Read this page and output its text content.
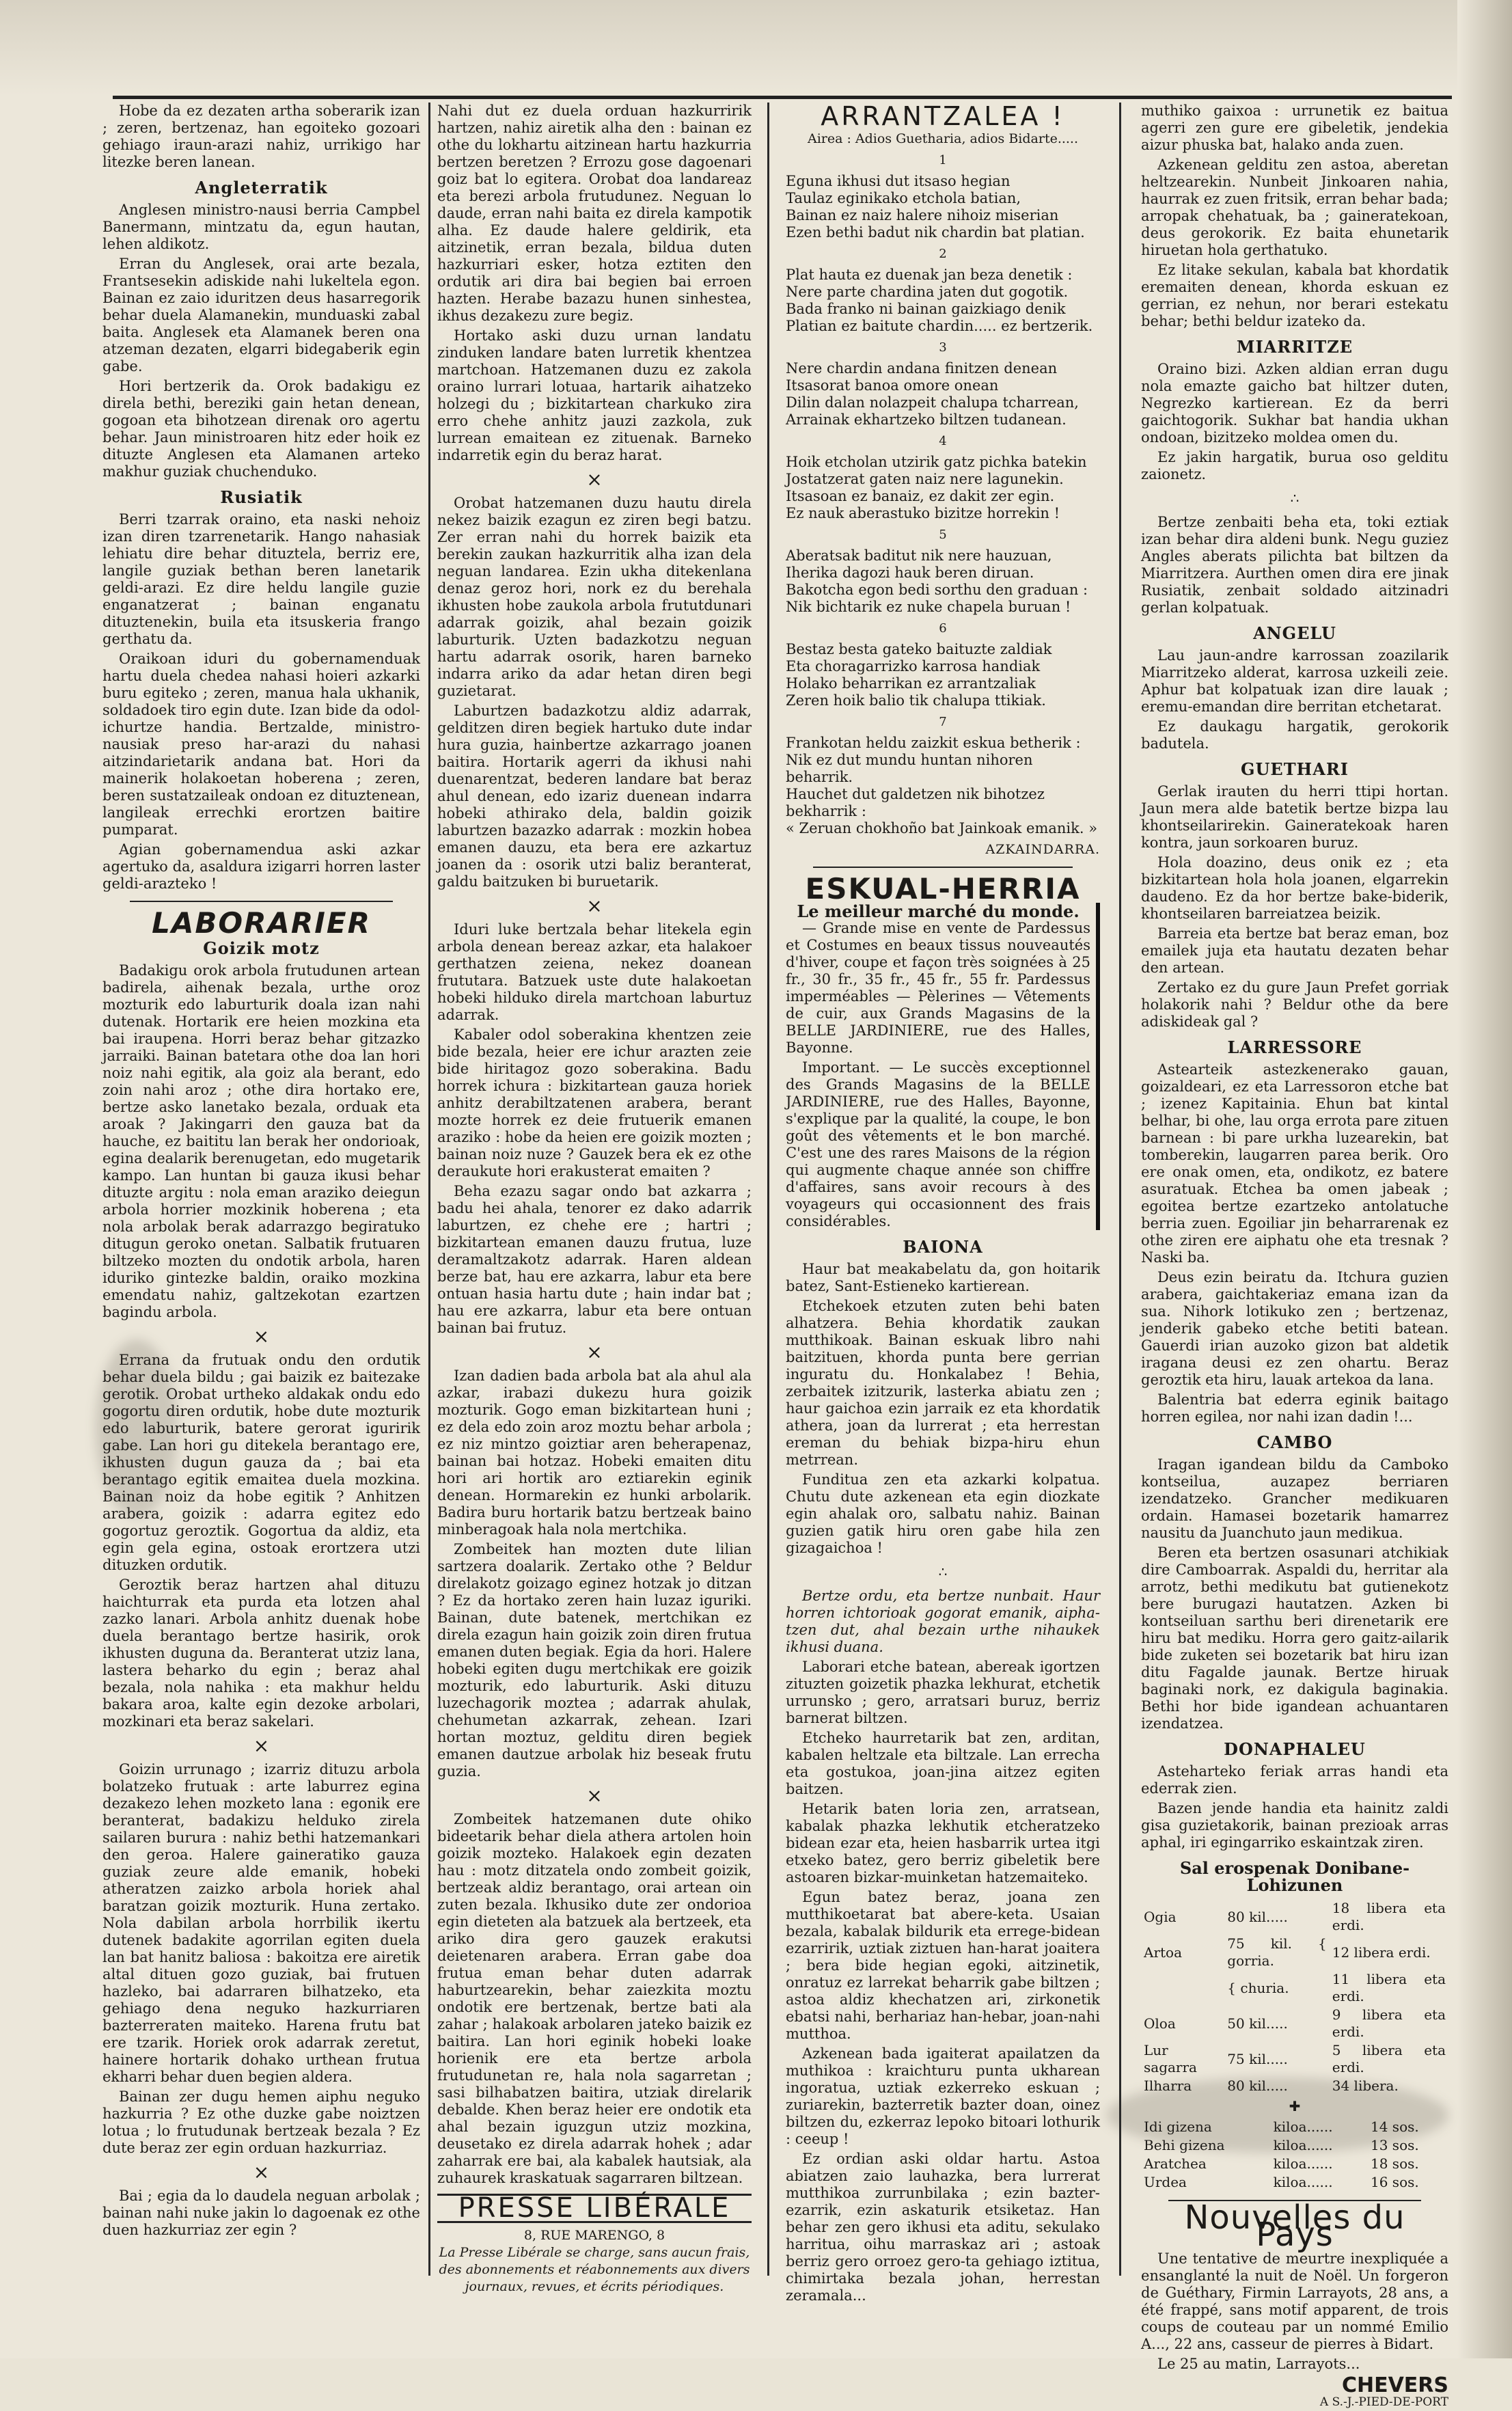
Hobe da ez dezaten artha soberarik izan ; zeren, bertzenaz, han egoiteko gozoari gehiago iraun-arazi nahiz, urrikigo har litezke beren lanean.

Angleterratik

Anglesen ministro-nausi berria Campbel Banermann, mintzatu da, egun hautan, lehen aldikotz.

Erran du Anglesek, orai arte bezala, Frantsesekin adiskide nahi lukeltela egon. Bainan ez zaio iduritzen deus hasarregorik behar duela Alamanekin, munduaski zabal baita. Anglesek eta Alamanek beren ona atzeman dezaten, elgarri bidegaberik egin gabe.

Hori bertzerik da. Orok badakigu ez direla bethi, bereziki gain hetan denean, gogoan eta bihotzean direnak oro agertu behar. Jaun ministroaren hitz eder hoik ez dituzte Anglesen eta Alamanen arteko makhur guziak chuchenduko.

Rusiatik

Berri tzarrak oraino, eta naski nehoiz izan diren tzarrenetarik. Hango nahasiak lehiatu dire behar dituztela, berriz ere, langile guziak bethan beren lanetarik geldi-arazi. Ez dire heldu langile guzie enganatzerat ; bainan enganatu dituztenekin, buila eta itsuskeria frango gerthatu da.

Oraikoan iduri du gobernamenduak hartu duela chedea nahasi hoieri azkarki buru egiteko ; zeren, manua hala ukhanik, soldadoek tiro egin dute. Izan bide da odol-ichurtze handia. Bertzalde, ministro-nausiak preso har-arazi du nahasi aitzindarietarik andana bat. Hori da mainerik holakoetan hoberena ; zeren, beren sustatzaileak ondoan ez dituztenean, langileak errechki erortzen baitire pumparat.

Agian gobernamendua aski azkar agertuko da, asaldura izigarri horren laster geldi-arazteko !

LABORARIER
Goizik motz

Badakigu orok arbola frutudunen artean badirela, aihenak bezala, urthe oroz mozturik edo laburturik doala izan nahi dutenak. Hortarik ere heien mozkina eta bai iraupena. Horri beraz behar gitzazko jarraiki. Bainan batetara othe doa lan hori noiz nahi egitik, ala goiz ala berant, edo zoin nahi aroz ; othe dira hortako ere, bertze asko lanetako bezala, orduak eta aroak ? Jakingarri den gauza bat da hauche, ez baititu lan berak her ondorioak, egina dealarik berenugetan, edo mugetarik kampo. Lan huntan bi gauza ikusi behar dituzte argitu : nola eman araziko deiegun arbola horrier mozkinik hoberena ; eta nola arbolak berak adarrazgo begiratuko ditugun geroko onetan. Salbatik frutuaren biltzeko mozten du ondotik arbola, haren iduriko gintezke baldin, oraiko mozkina emendatu nahiz, galtzekotan ezartzen bagindu arbola.

×

Errana da frutuak ondu den ordutik behar duela bildu ; gai baizik ez baitezake gerotik. Orobat urtheko aldakak ondu edo gogortu diren ordutik, hobe dute mozturik edo laburturik, batere gerorat iguririk gabe. Lan hori gu ditekela berantago ere, ikhusten dugun gauza da ; bai eta berantago egitik emaitea duela mozkina. Bainan noiz da hobe egitik ? Anhitzen arabera, goizik : adarra egitez edo gogortuz geroztik. Gogortua da aldiz, eta egin gela egina, ostoak erortzera utzi dituzken ordutik.

Geroztik beraz hartzen ahal dituzu haichturrak eta purda eta lotzen ahal zazko lanari. Arbola anhitz duenak hobe duela berantago bertze hasirik, orok ikhusten duguna da. Beranterat utziz lana, lastera beharko du egin ; beraz ahal bezala, nola nahika : eta makhur heldu bakara aroa, kalte egin dezoke arbolari, mozkinari eta beraz sakelari.

×

Goizin urrunago ; izarriz dituzu arbola bolatzeko frutuak : arte laburrez egina dezakezo lehen mozketo lana : egonik ere beranterat, badakizu helduko zirela sailaren burura : nahiz bethi hatzemankari den geroa. Halere gaineratiko gauza guziak zeure alde emanik, hobeki atheratzen zaizko arbola horiek ahal baratzan goizik mozturik. Huna zertako. Nola dabilan arbola horrbilik ikertu dutenek badakite agorrilan egiten duela lan bat hanitz baliosa : bakoitza ere airetik altal dituen gozo guziak, bai frutuen hazleko, bai adarraren bilhatzeko, eta gehiago dena neguko hazkurriaren bazterreraten maiteko. Harena frutu bat ere tzarik. Horiek orok adarrak zeretut, hainere hortarik dohako urthean frutua ekharri behar duen begien aldera.

Bainan zer dugu hemen aiphu neguko hazkurria ? Ez othe duzke gabe noiztzen lotua ; lo frutudunak bertzeak bezala ? Ez dute beraz zer egin orduan hazkurriaz.

×

Bai ; egia da lo daudela neguan arbolak ; bainan nahi nuke jakin lo dagoenak ez othe duen hazkurriaz zer egin ?

Nahi dut ez duela orduan hazkurririk hartzen, nahiz airetik alha den : bainan ez othe du lokhartu aitzinean hartu hazkurria bertzen beretzen ? Errozu gose dagoenari goiz bat lo egitera. Orobat doa landareaz eta berezi arbola frutudunez. Neguan lo daude, erran nahi baita ez direla kampotik alha. Ez daude halere geldirik, eta aitzinetik, erran bezala, bildua duten hazkurriari esker, hotza eztiten den ordutik ari dira bai begien bai erroen hazten. Herabe bazazu hunen sinhestea, ikhus dezakezu zure begiz.

Hortako aski duzu urnan landatu zinduken landare baten lurretik khentzea martchoan. Hatzemanen duzu ez zakola oraino lurrari lotuaa, hartarik aihatzeko holzegi du ; bizkitartean charkuko zira erro chehe anhitz jauzi zazkola, zuk lurrean emaitean ez zituenak. Barneko indarretik egin du beraz harat.

×

Orobat hatzemanen duzu hautu direla nekez baizik ezagun ez ziren begi batzu. Zer erran nahi du horrek baizik eta berekin zaukan hazkurritik alha izan dela neguan landarea. Ezin ukha ditekenlana denaz geroz hori, nork ez du berehala ikhusten hobe zaukola arbola frututdunari adarrak goizik, ahal bezain goizik laburturik. Uzten badazkotzu neguan hartu adarrak osorik, haren barneko indarra ariko da adar hetan diren begi guzietarat.

Laburtzen badazkotzu aldiz adarrak, gelditzen diren begiek hartuko dute indar hura guzia, hainbertze azkarrago joanen baitira. Hortarik agerri da ikhusi nahi duenarentzat, bederen landare bat beraz ahul denean, edo izariz duenean indarra hobeki athirako dela, baldin goizik laburtzen bazazko adarrak : mozkin hobea emanen dauzu, eta bera ere azkartuz joanen da : osorik utzi baliz beranterat, galdu baitzuken bi buruetarik.

×

Iduri luke bertzala behar litekela egin arbola denean bereaz azkar, eta halakoer gerthatzen zeiena, nekez doanean frututara. Batzuek uste dute halakoetan hobeki hilduko direla martchoan laburtuz adarrak.

Kabaler odol soberakina khentzen zeie bide bezala, heier ere ichur arazten zeie bide hiritagoz gozo soberakina. Badu horrek ichura : bizkitartean gauza horiek anhitz derabiltzatenen arabera, berant mozte horrek ez deie frutuerik emanen araziko : hobe da heien ere goizik mozten ; bainan noiz nuze ? Gauzek bera ek ez othe deraukute hori erakusterat emaiten ?

Beha ezazu sagar ondo bat azkarra ; badu hei ahala, tenorer ez dako adarrik laburtzen, ez chehe ere ; hartri ; bizkitartean emanen dauzu frutua, luze deramaltzakotz adarrak. Haren aldean berze bat, hau ere azkarra, labur eta bere ontuan hasia hartu dute ; hain indar bat ; hau ere azkarra, labur eta bere ontuan bainan bai frutuz.

×

Izan dadien bada arbola bat ala ahul ala azkar, irabazi dukezu hura goizik mozturik. Gogo eman bizkitartean huni ; ez dela edo zoin aroz moztu behar arbola ; ez niz mintzo goiztiar aren beherapenaz, bainan bai hotzaz. Hobeki emaiten ditu hori ari hortik aro eztiarekin eginik denean. Hormarekin ez hunki arbolarik. Badira buru hortarik batzu bertzeak baino minberagoak hala nola mertchika.

Zombeitek han mozten dute lilian sartzera doalarik. Zertako othe ? Beldur direlakotz goizago eginez hotzak jo ditzan ? Ez da hortako zeren hain luzaz iguriki. Bainan, dute batenek, mertchikan ez direla ezagun hain goizik zoin diren frutua emanen duten begiak. Egia da hori. Halere hobeki egiten dugu mertchikak ere goizik mozturik, edo laburturik. Aski dituzu luzechagorik moztea ; adarrak ahulak, chehumetan azkarrak, zehean. Izari hortan moztuz, gelditu diren begiek emanen dautzue arbolak hiz beseak frutu guzia.

×

Zombeitek hatzemanen dute ohiko bideetarik behar diela athera artolen hoin goizik mozteko. Halakoek egin dezaten hau : motz ditzatela ondo zombeit goizik, bertzeak aldiz berantago, orai artean oin zuten bezala. Ikhusiko dute zer ondorioa egin dieteten ala batzuek ala bertzeek, eta ariko dira gero gauzek erakutsi deietenaren arabera. Erran gabe doa frutua eman behar duten adarrak haburtzearekin, behar zaiezkita moztu ondotik ere bertzenak, bertze bati ala zahar ; halakoak arbolaren jateko baizik ez baitira. Lan hori eginik hobeki loake horienik ere eta bertze arbola frutudunetan re, hala nola sagarretan ; sasi bilhabatzen baitira, utziak direlarik debalde. Khen beraz heier ere ondotik eta ahal bezain iguzgun utziz mozkina, deusetako ez direla adarrak hohek ; adar zaharrak ere bai, ala kabalek hautsiak, ala zuhaurek kraskatuak sagarraren biltzean.

PRESSE LIBÉRALE
8, RUE MARENGO, 8
La Presse Libérale se charge, sans aucun frais, des abonnements et réabonnements aux divers journaux, revues, et écrits périodiques.
ARRANTZALEA !
Airea : Adios Guetharia, adios Bidarte.....
1

Eguna ikhusi dut itsaso hegian

Taulaz eginikako etchola batian,

Bainan ez naiz halere nihoiz miserian

Ezen bethi badut nik chardin bat platian.

2

Plat hauta ez duenak jan beza denetik :

Nere parte chardina jaten dut gogotik.

Bada franko ni bainan gaizkiago denik

Platian ez baitute chardin..... ez bertzerik.

3

Nere chardin andana finitzen denean

Itsasorat banoa omore onean

Dilin dalan nolazpeit chalupa tcharrean,

Arrainak ekhartzeko biltzen tudanean.

4

Hoik etcholan utzirik gatz pichka batekin

Jostatzerat gaten naiz nere lagunekin.

Itsasoan ez banaiz, ez dakit zer egin.

Ez nauk aberastuko bizitze horrekin !

5

Aberatsak baditut nik nere hauzuan,

Iherika dagozi hauk beren diruan.

Bakotcha egon bedi sorthu den graduan :

Nik bichtarik ez nuke chapela buruan !

6

Bestaz besta gateko baituzte zaldiak

Eta choragarrizko karrosa handiak

Holako beharrikan ez arrantzaliak

Zeren hoik balio tik chalupa ttikiak.

7

Frankotan heldu zaizkit eskua betherik :

Nik ez dut mundu huntan nihoren beharrik.

Hauchet dut galdetzen nik bihotzez bekharrik :

« Zeruan chokhoño bat Jainkoak emanik. »

AZKAINDARRA.
ESKUAL-HERRIA
Le meilleur marché du monde.

— Grande mise en vente de Pardessus et Costumes en beaux tissus nouveautés d'hiver, coupe et façon très soignées à 25 fr., 30 fr., 35 fr., 45 fr., 55 fr. Pardessus imperméables — Pèlerines — Vêtements de cuir, aux Grands Magasins de la BELLE JARDINIERE, rue des Halles, Bayonne.

Important. — Le succès exceptionnel des Grands Magasins de la BELLE JARDINIERE, rue des Halles, Bayonne, s'explique par la qualité, la coupe, le bon goût des vêtements et le bon marché. C'est une des rares Maisons de la région qui augmente chaque année son chiffre d'affaires, sans avoir recours à des voyageurs qui occasionnent des frais considérables.

BAIONA

Haur bat meakabelatu da, gon hoitarik batez, Sant-Estieneko kartierean.

Etchekoek etzuten zuten behi baten alhatzera. Behia khordatik zaukan mutthikoak. Bainan eskuak libro nahi baitzituen, khorda punta bere gerrian inguratu du. Honkalabez ! Behia, zerbaitek izitzurik, lasterka abiatu zen ; haur gaichoa ezin jarraik ez eta khordatik athera, joan da lurrerat ; eta herrestan ereman du behiak bizpa-hiru ehun metrrean.

Funditua zen eta azkarki kolpatua. Chutu dute azkenean eta egin diozkate egin ahalak oro, salbatu nahiz. Bainan guzien gatik hiru oren gabe hila zen gizagaichoa !

∴

Bertze ordu, eta bertze nunbait. Haur horren ichtorioak gogorat emanik, aipha-tzen dut, ahal bezain urthe nihaukek ikhusi duana.

Laborari etche batean, abereak igortzen zituzten goizetik phazka lekhurat, etchetik urrunsko ; gero, arratsari buruz, berriz barnerat biltzen.

Etcheko haurretarik bat zen, arditan, kabalen heltzale eta biltzale. Lan errecha eta gostukoa, joan-jina aitzez egiten baitzen.

Hetarik baten loria zen, arratsean, kabalak phazka lekhutik etcheratzeko bidean ezar eta, heien hasbarrik urtea itgi etxeko batez, gero berriz gibeletik bere astoaren bizkar-muinketan hatzemaiteko.

Egun batez beraz, joana zen mutthikoetarat bat abere-keta. Usaian bezala, kabalak bildurik eta errege-bidean ezarririk, uztiak ziztuen han-harat joaitera ; bera bide hegian egoki, aitzinetik, onratuz ez larrekat beharrik gabe biltzen ; astoa aldiz khechatzen ari, zirkonetik ebatsi nahi, berhariaz han-hebar, joan-nahi mutthoa.

Azkenean bada igaiterat apailatzen da muthikoa : kraichturu punta ukharean ingoratua, uztiak ezkerreko eskuan ; zuriarekin, bazterretik bazter doan, oinez biltzen du, ezkerraz lepoko bitoari lothurik : ceeup !

Ez ordian aski oldar hartu. Astoa abiatzen zaio lauhazka, bera lurrerat mutthikoa zurrunbilaka ; ezin bazter-ezarrik, ezin askaturik etsiketaz. Han behar zen gero ikhusi eta aditu, sekulako harritua, oihu marraskaz ari ; astoak berriz gero orroez gero-ta gehiago iztitua, chimirtaka bezala johan, herrestan zeramala...

muthiko gaixoa : urrunetik ez baitua agerri zen gure ere gibeletik, jendekia aizur phuska bat, halako anda zuen.

Azkenean gelditu zen astoa, aberetan heltzearekin. Nunbeit Jinkoaren nahia, haurrak ez zuen fritsik, erran behar bada; arropak chehatuak, ba ; gaineratekoan, deus gerokorik. Ez baita ehunetarik hiruetan hola gerthatuko.

Ez litake sekulan, kabala bat khordatik eremaiten denean, khorda eskuan ez gerrian, ez nehun, nor berari estekatu behar; bethi beldur izateko da.

MIARRITZE

Oraino bizi. Azken aldian erran dugu nola emazte gaicho bat hiltzer duten, Negrezko kartierean. Ez da berri gaichtogorik. Sukhar bat handia ukhan ondoan, bizitzeko moldea omen du.

Ez jakin hargatik, burua oso gelditu zaionetz.

∴

Bertze zenbaiti beha eta, toki eztiak izan behar dira aldeni bunk. Negu guziez Angles aberats pilichta bat biltzen da Miarritzera. Aurthen omen dira ere jinak Rusiatik, zenbait soldado aitzinadri gerlan kolpatuak.

ANGELU

Lau jaun-andre karrossan zoazilarik Miarritzeko alderat, karrosa uzkeili zeie. Aphur bat kolpatuak izan dire lauak ; eremu-emandan dire berritan etchetarat.

Ez daukagu hargatik, gerokorik badutela.

GUETHARI

Gerlak irauten du herri ttipi hortan. Jaun mera alde batetik bertze bizpa lau khontseilarirekin. Gaineratekoak haren kontra, jaun sorkoaren buruz.

Hola doazino, deus onik ez ; eta bizkitartean hola hola joanen, elgarrekin daudeno. Ez da hor bertze bake-biderik, khontseilaren barreiatzea beizik.

Barreia eta bertze bat beraz eman, boz emailek juja eta hautatu dezaten behar den artean.

Zertako ez du gure Jaun Prefet gorriak holakorik nahi ? Beldur othe da bere adiskideak gal ?

LARRESSORE

Astearteik astezkenerako gauan, goizaldeari, ez eta Larressoron etche bat ; izenez Kapitainia. Ehun bat kintal belhar, bi ohe, lau orga errota pare zituen barnean : bi pare urkha luzearekin, bat tomberekin, laugarren parea berik. Oro ere onak omen, eta, ondikotz, ez batere asuratuak. Etchea ba omen jabeak ; egoitea bertze ezartzeko antolatuche berria zuen. Egoiliar jin beharrarenak ez othe ziren ere aiphatu ohe eta tresnak ? Naski ba.

Deus ezin beiratu da. Itchura guzien arabera, gaichtakeriaz emana izan da sua. Nihork lotikuko zen ; bertzenaz, jenderik gabeko etche betiti batean. Gauerdi irian auzoko gizon bat aldetik iragana deusi ez zen ohartu. Beraz geroztik eta hiru, lauak artekoa da lana.

Balentria bat ederra eginik baitago horren egilea, nor nahi izan dadin !...

CAMBO

Iragan igandean bildu da Camboko kontseilua, auzapez berriaren izendatzeko. Grancher medikuaren ordain. Hamasei bozetarik hamarrez nausitu da Juanchuto jaun medikua.

Beren eta bertzen osasunari atchikiak dire Camboarrak. Aspaldi du, herritar ala arrotz, bethi medikutu bat gutienekotz bere burugazi hautatzen. Azken bi kontseiluan sarthu beri direnetarik ere hiru bat mediku. Horra gero gaitz-ailarik bide zuketen sei bozetarik bat hiru izan ditu Fagalde jaunak. Bertze hiruak baginaki nork, ez dakigula baginakia. Bethi hor bide igandean achuantaren izendatzea.

DONAPHALEU

Asteharteko feriak arras handi eta ederrak zien.

Bazen jende handia eta hainitz zaldi gisa guzietakorik, bainan prezioak arras aphal, iri egingarriko eskaintzak ziren.

Sal erospenak Donibane-Lohizunen
Ogia	80 kil.....	18 libera eta erdi.
Artoa	75 kil. { gorria.	12 libera erdi.
	{ churia.	11 libera eta erdi.
Oloa	50 kil.....	9 libera eta erdi.
Lur sagarra	75 kil.....	5 libera eta erdi.
Ilharra	80 kil.....	34 libera.
✚
Idi gizena	kiloa......	14 sos.
Behi gizena	kiloa......	13 sos.
Aratchea	kiloa......	18 sos.
Urdea	kiloa......	16 sos.
Nouvelles du Pays

Une tentative de meurtre inexpliquée a ensanglanté la nuit de Noël. Un forgeron de Guéthary, Firmin Larrayots, 28 ans, a été frappé, sans motif apparent, de trois coups de couteau par un nommé Emilio A..., 22 ans, casseur de pierres à Bidart.

Le 25 au matin, Larrayots...

CHEVERS
A S.-J.-PIED-DE-PORT
